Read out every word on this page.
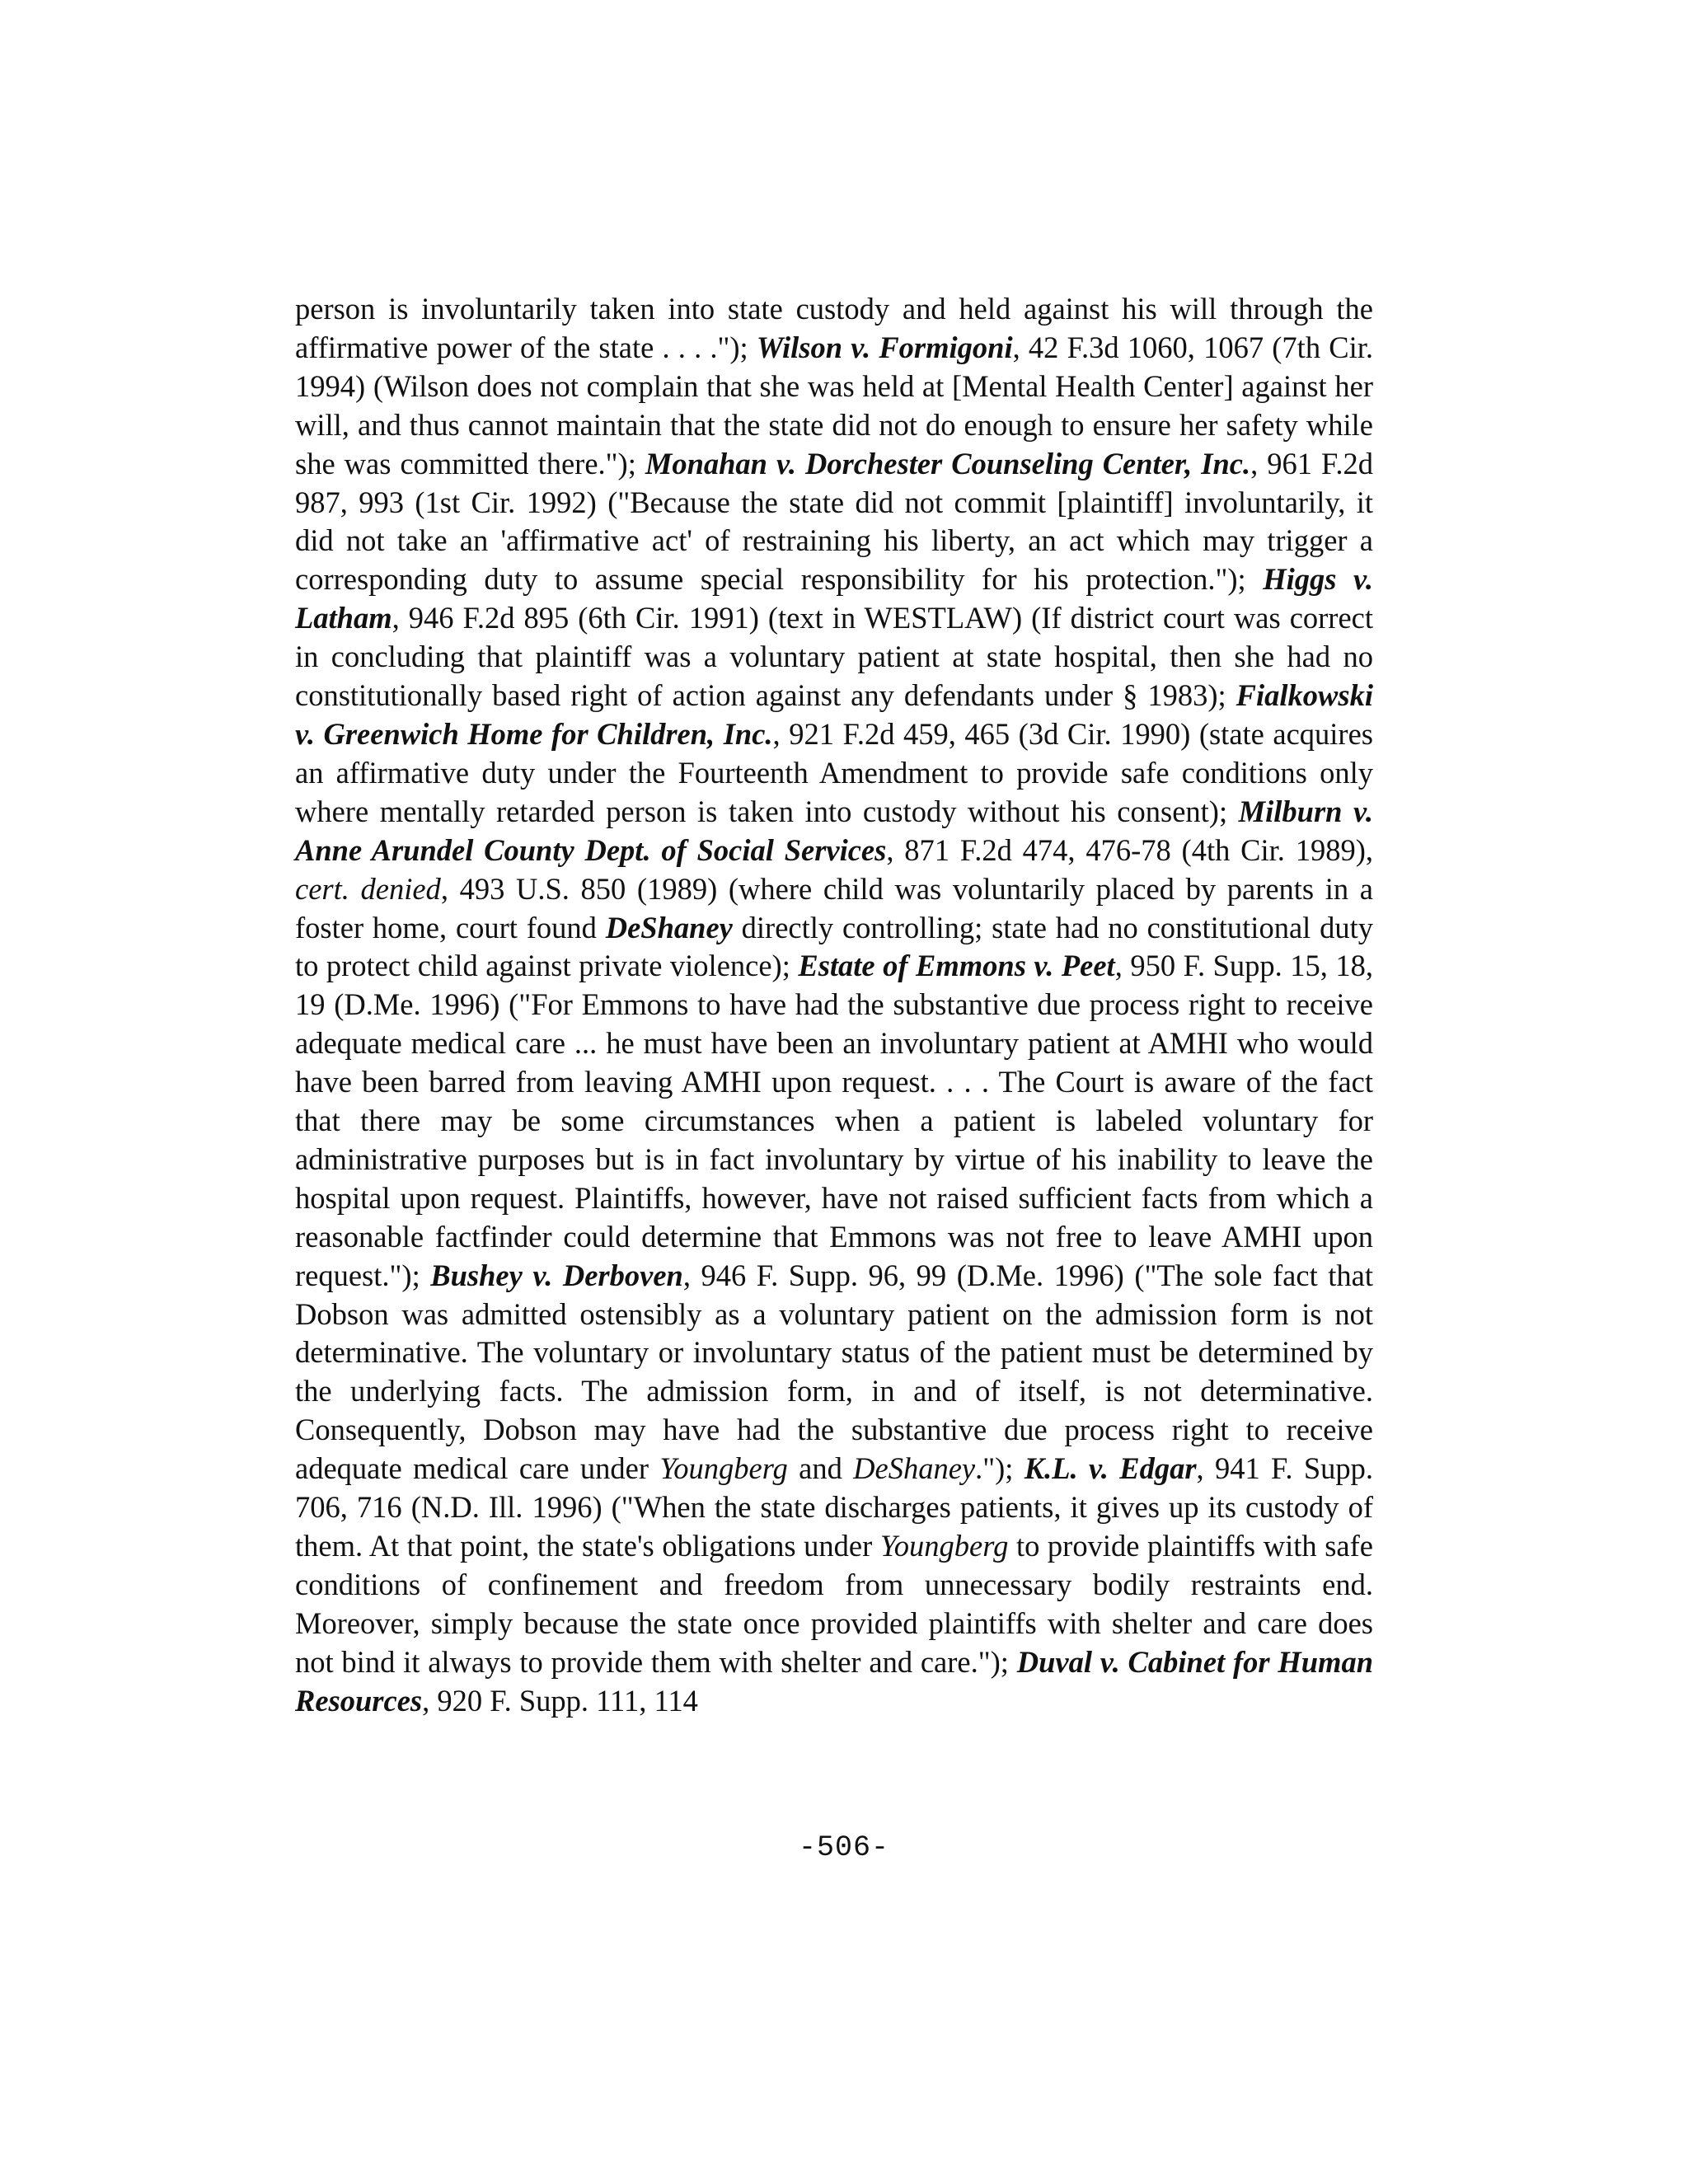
person is involuntarily taken into state custody and held against his will through the affirmative power of the state . . . ."); Wilson v. Formigoni, 42 F.3d 1060, 1067 (7th Cir. 1994) (Wilson does not complain that she was held at [Mental Health Center] against her will, and thus cannot maintain that the state did not do enough to ensure her safety while she was committed there."); Monahan v. Dorchester Counseling Center, Inc., 961 F.2d 987, 993 (1st Cir. 1992) ("Because the state did not commit [plaintiff] involuntarily, it did not take an 'affirmative act' of restraining his liberty, an act which may trigger a corresponding duty to assume special responsibility for his protection."); Higgs v. Latham, 946 F.2d 895 (6th Cir. 1991) (text in WESTLAW) (If district court was correct in concluding that plaintiff was a voluntary patient at state hospital, then she had no constitutionally based right of action against any defendants under § 1983); Fialkowski v. Greenwich Home for Children, Inc., 921 F.2d 459, 465 (3d Cir. 1990) (state acquires an affirmative duty under the Fourteenth Amendment to provide safe conditions only where mentally retarded person is taken into custody without his consent); Milburn v. Anne Arundel County Dept. of Social Services, 871 F.2d 474, 476-78 (4th Cir. 1989), cert. denied, 493 U.S. 850 (1989) (where child was voluntarily placed by parents in a foster home, court found DeShaney directly controlling; state had no constitutional duty to protect child against private violence); Estate of Emmons v. Peet, 950 F. Supp. 15, 18, 19 (D.Me. 1996) ("For Emmons to have had the substantive due process right to receive adequate medical care ... he must have been an involuntary patient at AMHI who would have been barred from leaving AMHI upon request. . . . The Court is aware of the fact that there may be some circumstances when a patient is labeled voluntary for administrative purposes but is in fact involuntary by virtue of his inability to leave the hospital upon request. Plaintiffs, however, have not raised sufficient facts from which a reasonable factfinder could determine that Emmons was not free to leave AMHI upon request."); Bushey v. Derboven, 946 F. Supp. 96, 99 (D.Me. 1996) ("The sole fact that Dobson was admitted ostensibly as a voluntary patient on the admission form is not determinative. The voluntary or involuntary status of the patient must be determined by the underlying facts. The admission form, in and of itself, is not determinative. Consequently, Dobson may have had the substantive due process right to receive adequate medical care under Youngberg and DeShaney."); K.L. v. Edgar, 941 F. Supp. 706, 716 (N.D. Ill. 1996) ("When the state discharges patients, it gives up its custody of them. At that point, the state's obligations under Youngberg to provide plaintiffs with safe conditions of confinement and freedom from unnecessary bodily restraints end. Moreover, simply because the state once provided plaintiffs with shelter and care does not bind it always to provide them with shelter and care."); Duval v. Cabinet for Human Resources, 920 F. Supp. 111, 114

-506-
